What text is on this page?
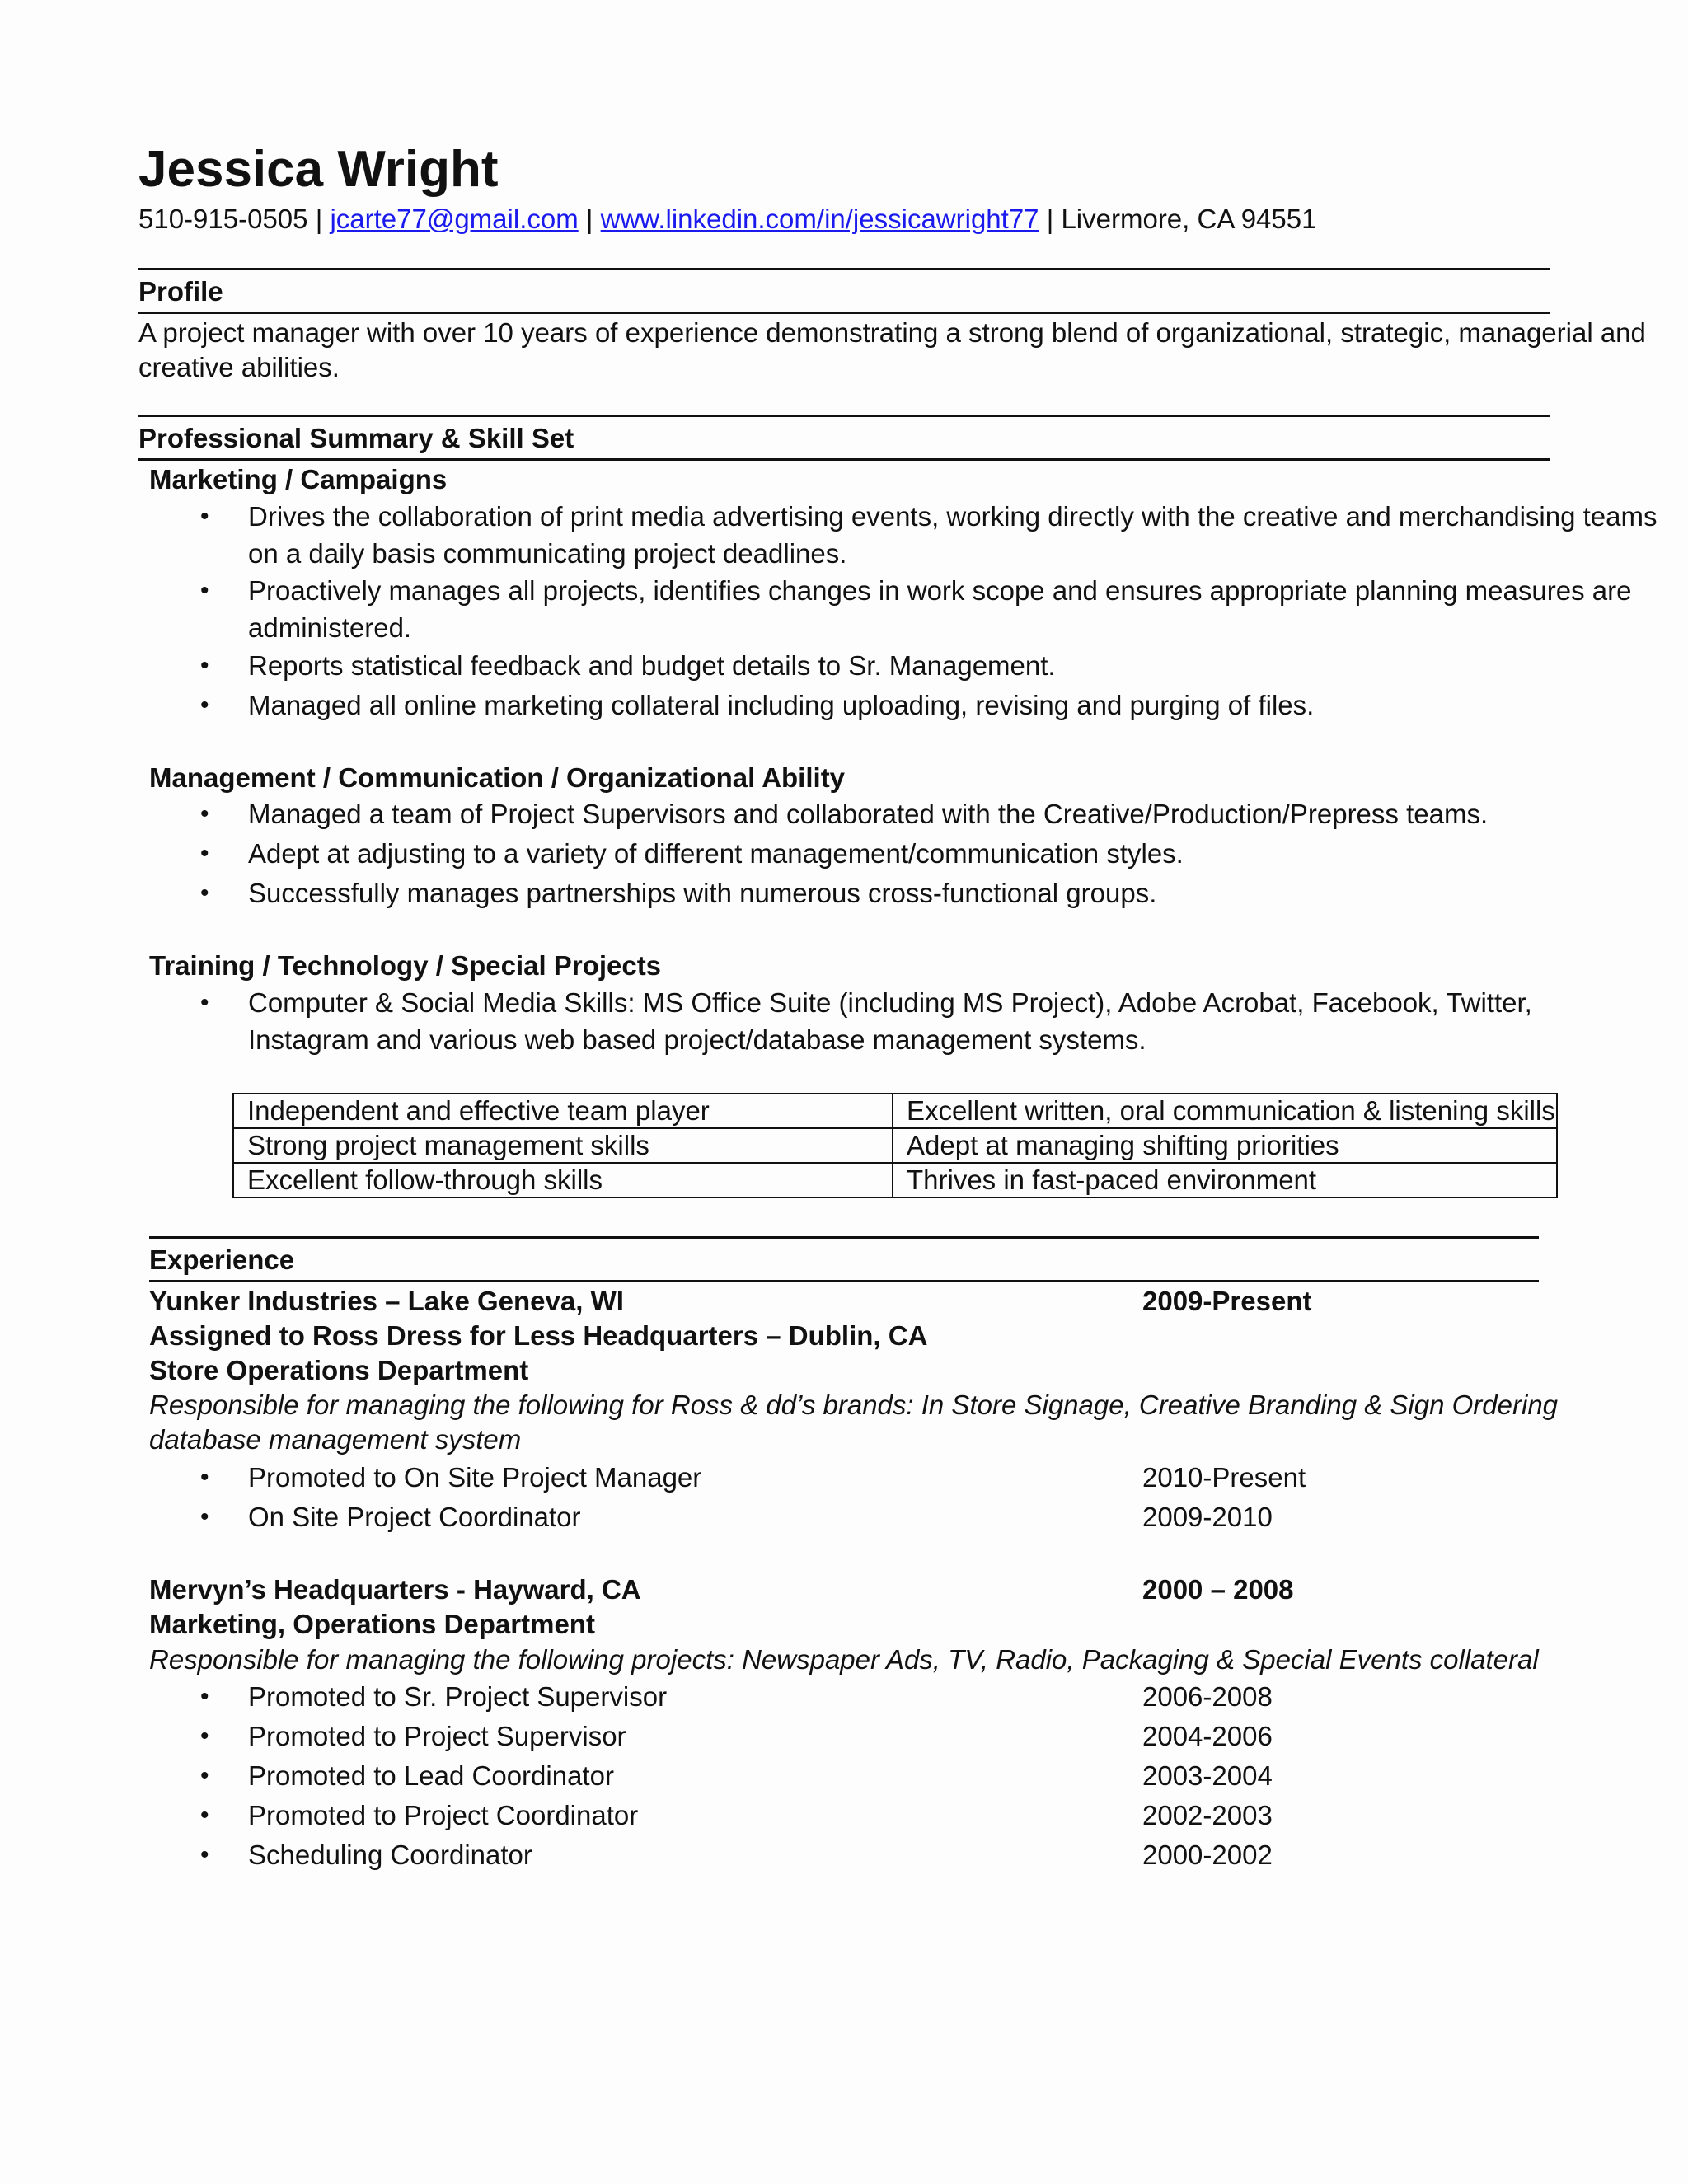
Jessica Wright
510-915-0505 | jcarte77@gmail.com | www.linkedin.com/in/jessicawright77 | Livermore, CA 94551
Profile
A project manager with over 10 years of experience demonstrating a strong blend of organizational, strategic, managerial and
creative abilities.
Professional Summary & Skill Set
Marketing / Campaigns
• Drives the collaboration of print media advertising events, working directly with the creative and merchandising teams
on a daily basis communicating project deadlines.
• Proactively manages all projects, identifies changes in work scope and ensures appropriate planning measures are
administered.
• Reports statistical feedback and budget details to Sr. Management.
• Managed all online marketing collateral including uploading, revising and purging of files.
Management / Communication / Organizational Ability
• Managed a team of Project Supervisors and collaborated with the Creative/Production/Prepress teams.
• Adept at adjusting to a variety of different management/communication styles.
• Successfully manages partnerships with numerous cross-functional groups.
Training / Technology / Special Projects
• Computer & Social Media Skills: MS Office Suite (including MS Project), Adobe Acrobat, Facebook, Twitter,
Instagram and various web based project/database management systems.
Independent and effective team player	Excellent written, oral communication & listening skills
Strong project management skills	Adept at managing shifting priorities
Excellent follow-through skills	Thrives in fast-paced environment
Experience
Yunker Industries – Lake Geneva, WI	2009-Present
Assigned to Ross Dress for Less Headquarters – Dublin, CA
Store Operations Department
Responsible for managing the following for Ross & dd’s brands: In Store Signage, Creative Branding & Sign Ordering
database management system
• Promoted to On Site Project Manager	2010-Present
• On Site Project Coordinator	2009-2010
Mervyn’s Headquarters - Hayward, CA	2000 – 2008
Marketing, Operations Department
Responsible for managing the following projects: Newspaper Ads, TV, Radio, Packaging & Special Events collateral
• Promoted to Sr. Project Supervisor	2006-2008
• Promoted to Project Supervisor	2004-2006
• Promoted to Lead Coordinator	2003-2004
• Promoted to Project Coordinator	2002-2003
• Scheduling Coordinator	2000-2002
